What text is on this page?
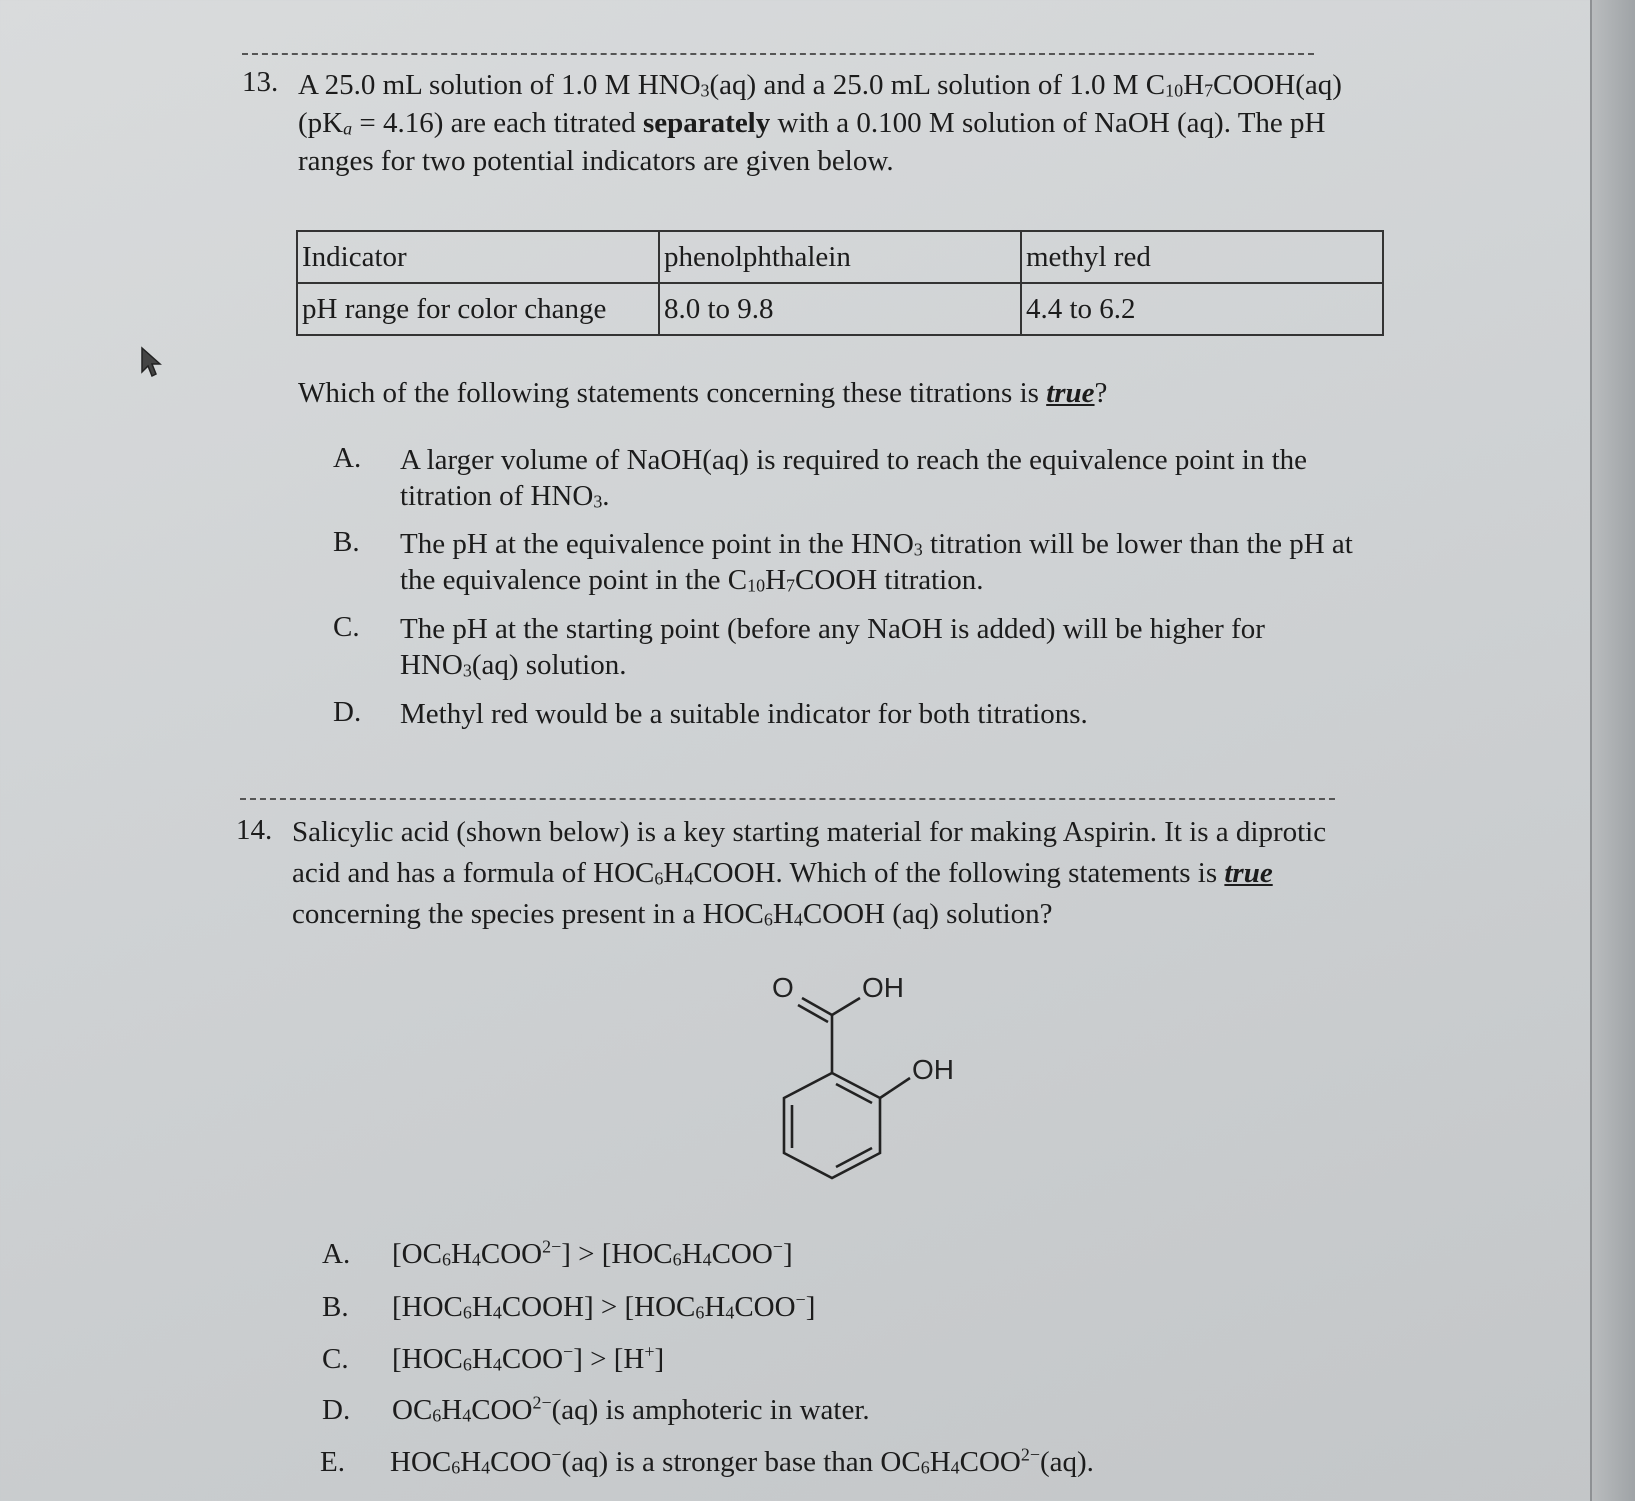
13. A 25.0 mL solution of 1.0 M $HNO_3(aq)$ and a 25.0 mL solution of 1.0 M $C_{10}H_7COOH(aq)$
$(pK_a = 4.16)$ are each titrated separately with a 0.100 M solution of NaOH (aq). The pH
ranges for two potential indicators are given below.
Indicator	phenolphthalein	methyl red
pH range for color change	8.0 to 9.8	4.4 to 6.2
Which of the following statements concerning these titrations is true?
A. A larger volume of NaOH(aq) is required to reach the equivalence point in the
titration of $HNO_3$.
B. The pH at the equivalence point in the $HNO_3$ titration will be lower than the pH at
the equivalence point in the $C_{10}H_7COOH$ titration.
C. The pH at the starting point (before any NaOH is added) will be higher for
$HNO_3(aq)$ solution.
D. Methyl red would be a suitable indicator for both titrations.
14. Salicylic acid (shown below) is a key starting material for making Aspirin. It is a diprotic
acid and has a formula of $HOC_6H_4COOH$. Which of the following statements is true
concerning the species present in a $HOC_6H_4COOH$ (aq) solution?
O OH
OH
A. $[OC_6H_4COO^{2-}] > [HOC_6H_4COO^-]$
B. $[HOC_6H_4COOH] > [HOC_6H_4COO^-]$
C. $[HOC_6H_4COO^-] > [H^+]$
D. $OC_6H_4COO^{2-}(aq)$ is amphoteric in water.
E. $HOC_6H_4COO^-(aq)$ is a stronger base than $OC_6H_4COO^{2-}(aq)$.
